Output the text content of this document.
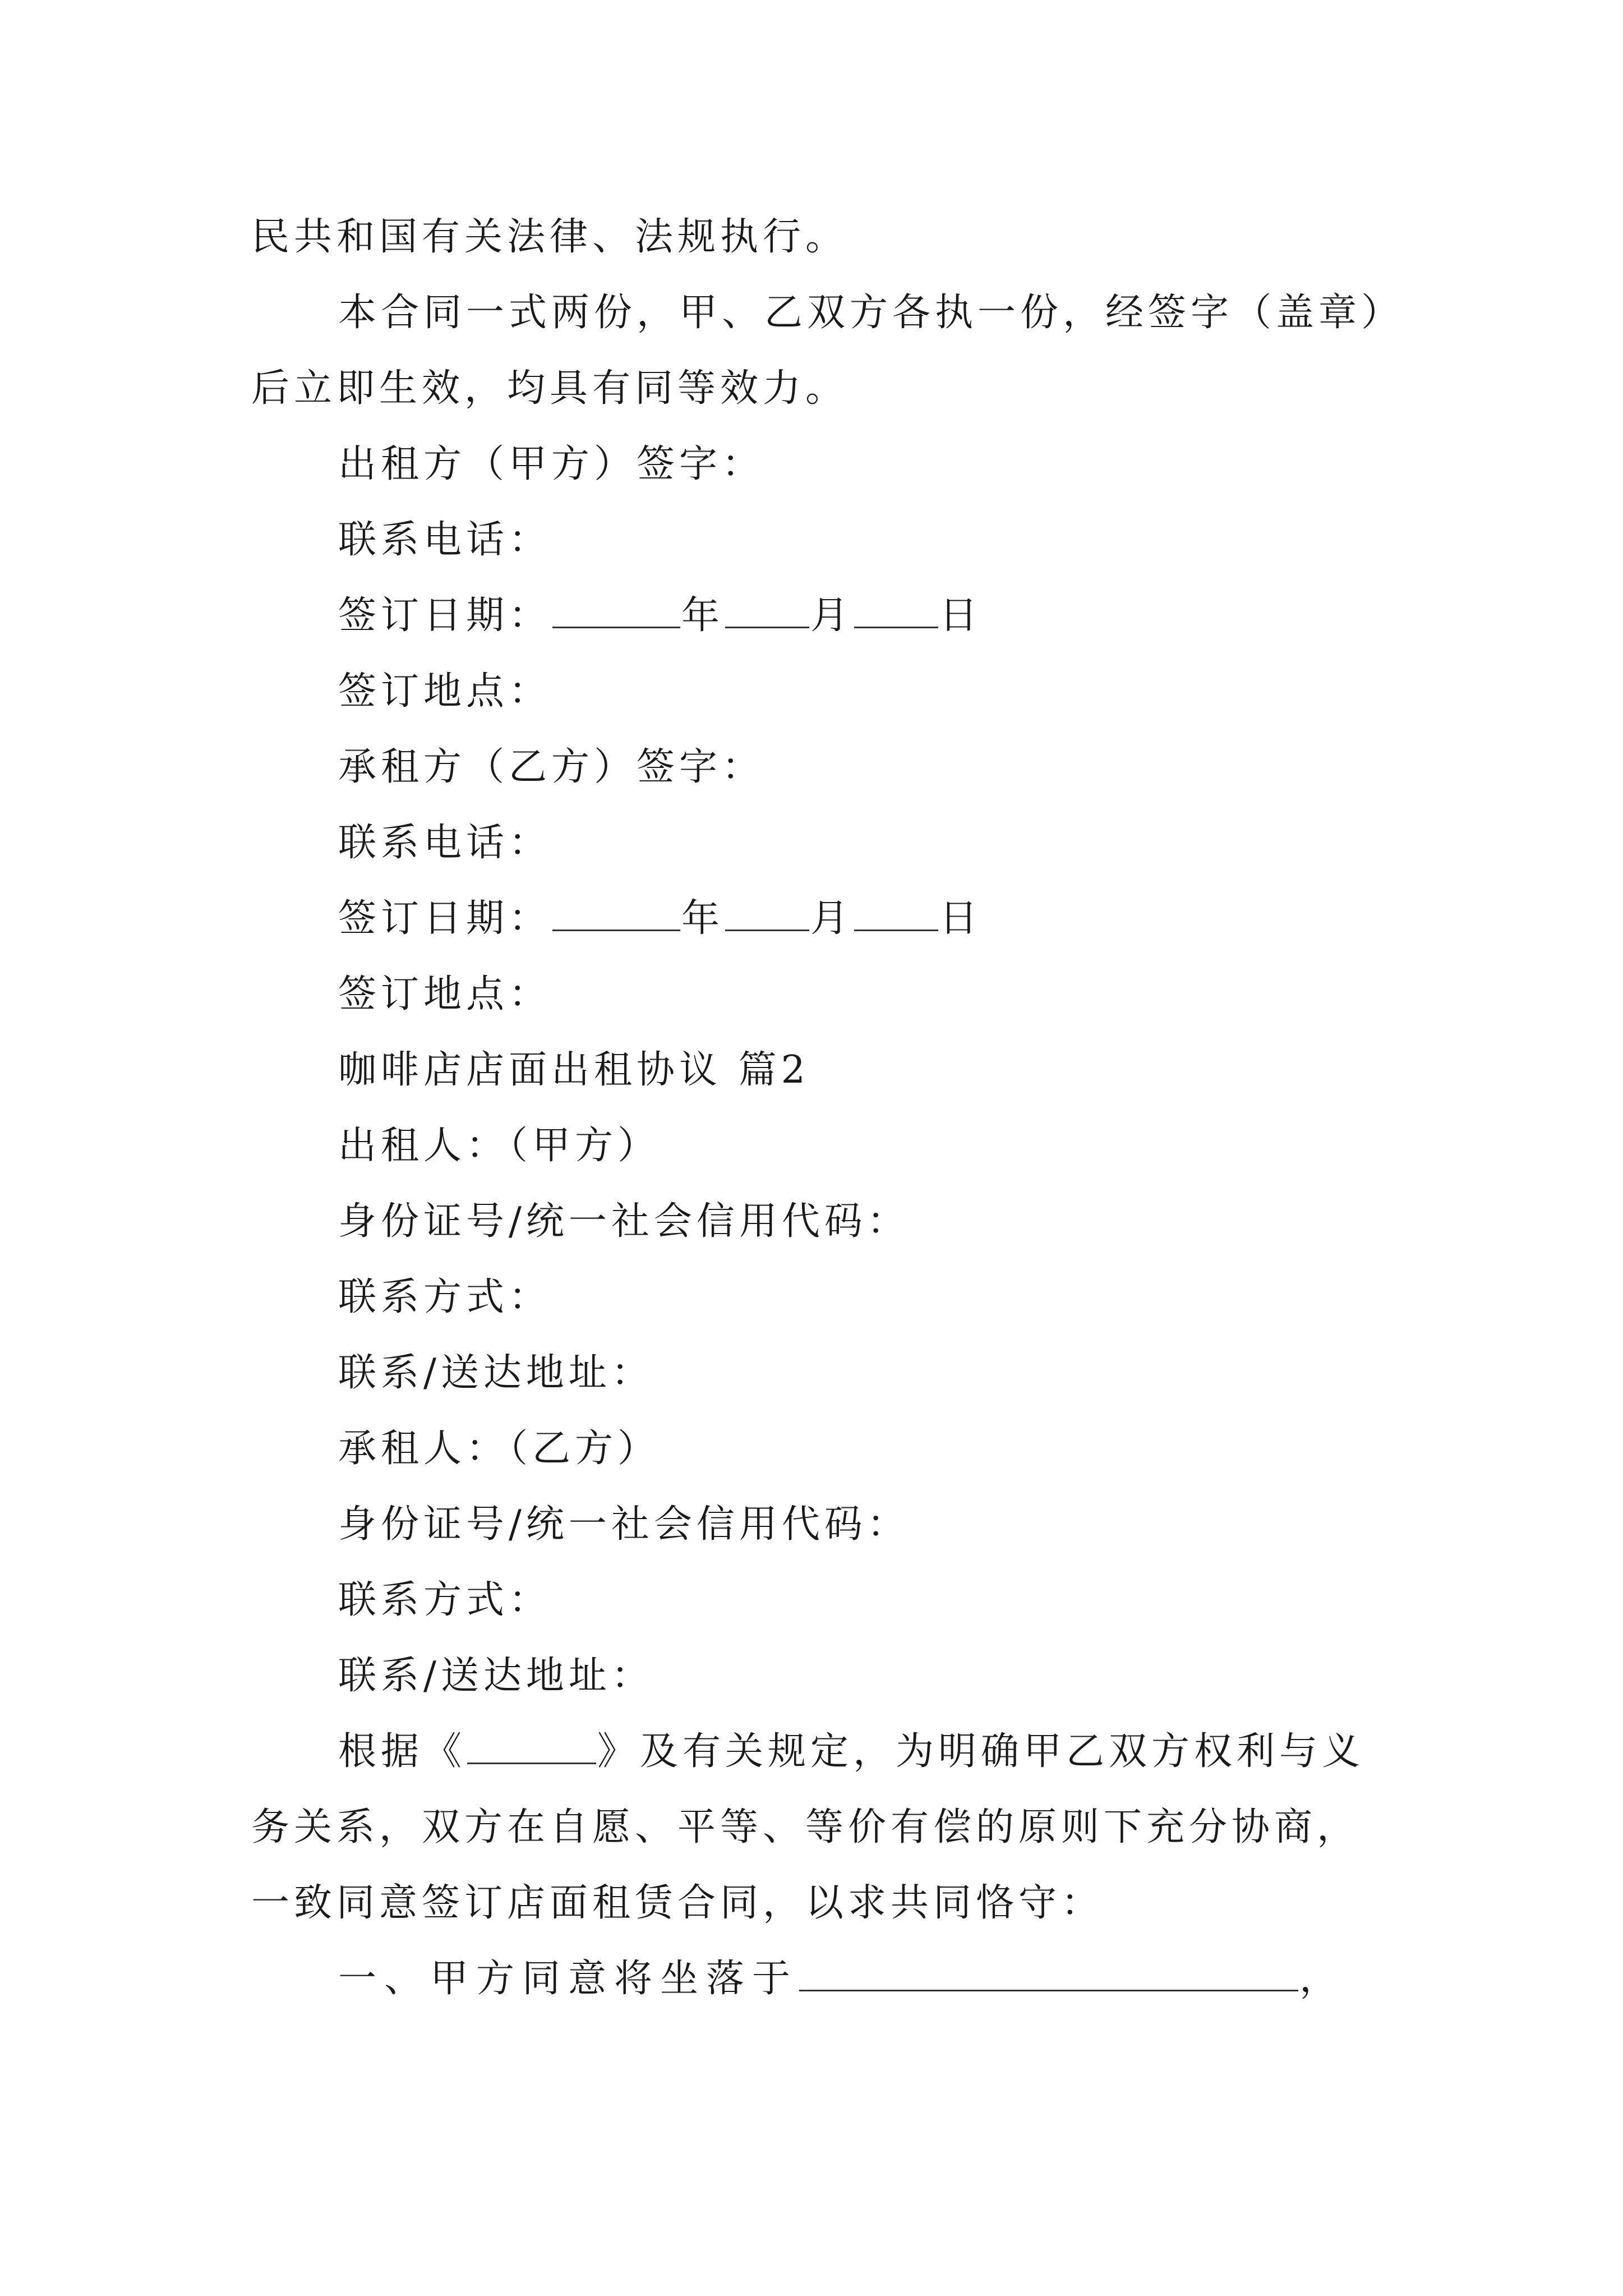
民共和国有关法律、法规执行。
本合同一式两份，甲、乙双方各执一份，经签字（盖章）
后立即生效，均具有同等效力。
出租方（甲方）签字：
联系电话：
签订日期：	年 月 日
签订地点：
承租方（乙方）签字：
联系电话：
签订日期：	年 月 日
签订地点：
咖啡店店面出租协议 篇2
出租人：（甲方）
身份证号/统一社会信用代码：
联系方式：
联系/送达地址：
承租人：（乙方）
身份证号/统一社会信用代码：
联系方式：
联系/送达地址：
根据《	》及有关规定，为明确甲乙双方权利与义
务关系，双方在自愿、平等、等价有偿的原则下充分协商，
一致同意签订店面租赁合同，以求共同恪守：
一、甲方同意将坐落于	，
